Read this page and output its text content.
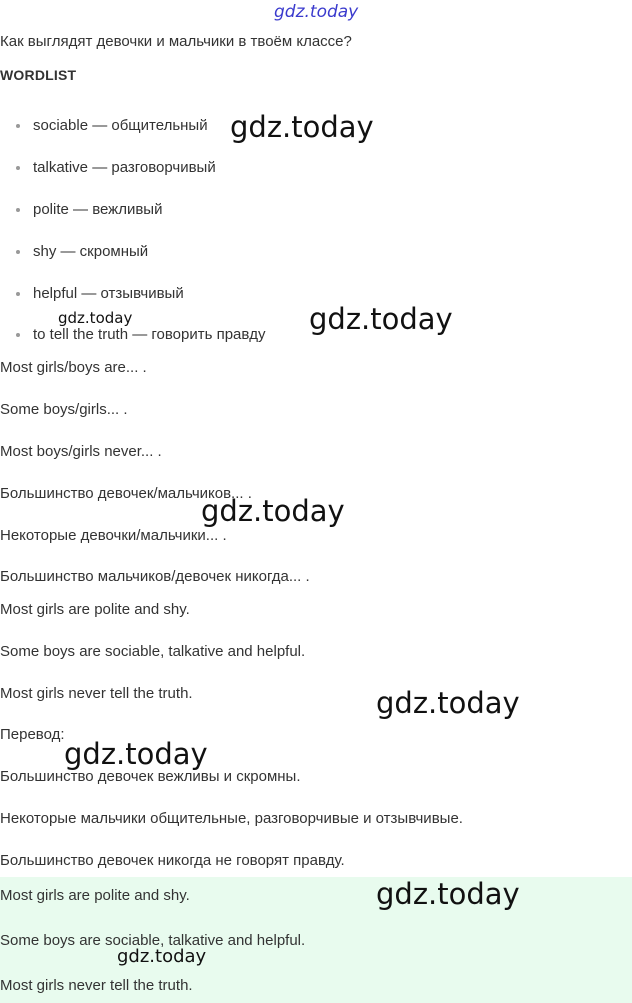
gdz.today
Как выглядят девочки и мальчики в твоём классе?
WORDLIST
sociable — общительный
talkative — разговорчивый
polite — вежливый
shy — скромный
helpful — отзывчивый
to tell the truth — говорить правду
Most girls/boys are... .
Some boys/girls... .
Most boys/girls never... .
Большинство девочек/мальчиков... .
Некоторые девочки/мальчики... .
Большинство мальчиков/девочек никогда... .
Most girls are polite and shy.
Some boys are sociable, talkative and helpful.
Most girls never tell the truth.
Перевод:
Большинство девочек вежливы и скромны.
Некоторые мальчики общительные, разговорчивые и отзывчивые.
Большинство девочек никогда не говорят правду.
Most girls are polite and shy.
Some boys are sociable, talkative and helpful.
Most girls never tell the truth.
gdz.today
gdz.today	gdz.today
gdz.today
gdz.today
gdz.today
gdz.today
gdz.today
